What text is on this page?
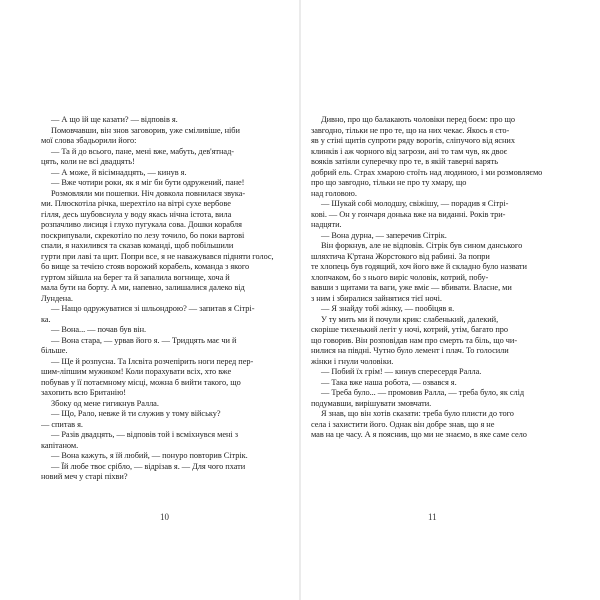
— А що їй ще казати? — відповів я.
Помовчавши, він знов заговорив, уже сміливіше, ніби
мої слова збадьорили його:
— Та й до всього, пане, мені вже, мабуть, дев'ятнад-
цять, коли не всі двадцять!
— А може, й вісімнадцять, — кинув я.
— Вже чотири роки, як я міг би бути одружений, пане!
Розмовляли ми пошепки. Ніч довкола повнилася звука-
ми. Плюскотіла річка, шерехтіло на вітрі сухе вербове
гілля, десь шубовснула у воду якась нічна істота, вила
розпачливо лисиця і глухо пугукала сова. Дошки корабля
поскрипували, скрекотіло по лезу точило, бо поки вартові
спали, я нахилився та сказав команді, щоб побільшили
гурти при лаві та щит. Попри все, я не наважувався підняти голос,
бо вище за течією стояв ворожий корабель, команда з якого
гуртом зійшла на берег та й запалила вогнище, хоча й
мала бути на борту. А ми, напевно, залишалися далеко від
Лундена.
— Нащо одружуватися зі шльондрою? — запитав я Сітрі-
ка.
— Вона... — почав був він.
— Вона стара, — урвав його я. — Тридцять має чи й
більше.
— Ще й розпусна. Та Ілсвіта розчепірить ноги перед пер-
шим-ліпшим мужиком! Коли порахувати всіх, хто вже
побував у її потаємному місці, можна б вийти такого, що
захопить всю Британію!
Збоку од мене гигикнув Ралла.
— Що, Рало, невже й ти служив у тому війську?
— спитав я.
— Разів двадцять, — відповів той і всміхнувся мені з
капітаном.
— Вона кажуть, я їй любий, — понуро повторив Сітрік.
— Їй любе твоє срібло, — відрізав я. — Для чого пхати
новий меч у старі піхви?
Дивно, про що балакають чоловіки перед боєм: про що
завгодно, тільки не про те, що на них чекає. Якось я сто-
яв у стіні щитів супроти ряду ворогів, сліпучого від ясних
клинків і аж чорного від загрози, ані то там чув, як двоє
вояків затіяли суперечку про те, в якій таверні варять
добрий ель. Страх хмарою стоїть над людиною, і ми розмовляємо
про що завгодно, тільки не про ту хмару, що
над головою.
— Шукай собі молодшу, свіжішу, — порадив я Сітрі-
кові. — Он у гончаря донька вже на виданні. Років три-
надцяти.
— Вона дурна, — заперечив Сітрік.
Він форкнув, але не відповів. Сітрік був сином данського
шляхтича К'ртана Жорстокого від рабині. За попри
те хлопець був годящий, хоч його вже й складно було назвати
хлопчаком, бо з нього виріс чоловік, котрий, побу-
вавши з щитами та ваги, уже вміє — вбивати. Власне, ми
з ним і збиралися зайнятися тієї ночі.
— Я знайду тобі жінку, — пообіцяв я.
У ту мить ми й почули крик: слабенький, далекий,
скоріше тихенький легіт у ночі, котрий, утім, багато про
що говорив. Він розповідав нам про смерть та біль, що чи-
нилися на півдні. Чутно було лемент і плач. То голосили
жінки і гнули чоловіки.
— Побий їх грім! — кинув спересердя Ралла.
— Така вже наша робота, — озвався я.
— Треба було... — промовив Ралла, — треба було, як слід
подумавши, вирішувати змовчати.
Я знав, що він хотів сказати: треба було плисти до того
села і захистити його. Однак він добре знав, що я не
мав на це часу. А я пояснив, що ми не знаємо, в яке саме село
10	11
